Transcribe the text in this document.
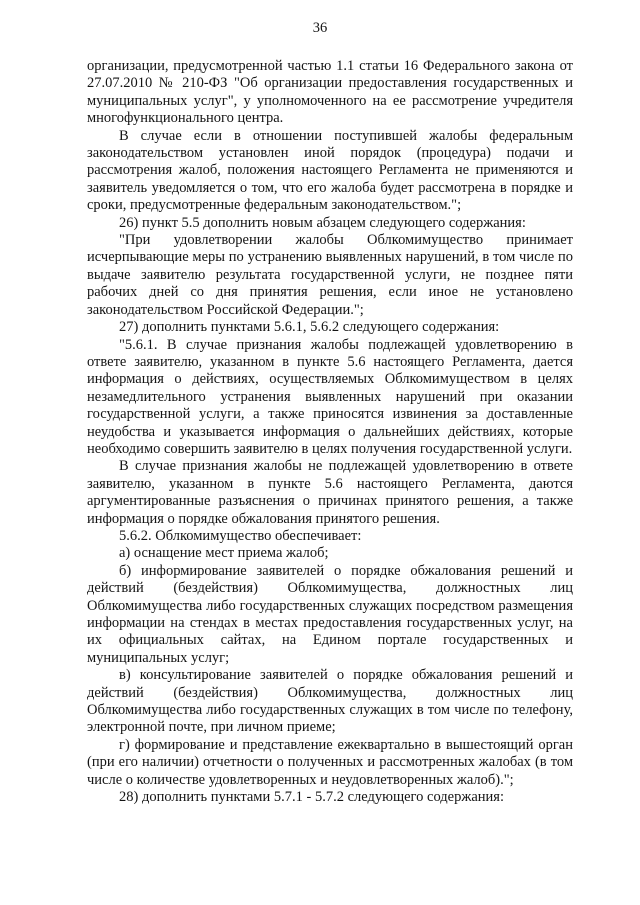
36

организации, предусмотренной частью 1.1 статьи 16 Федерального закона от 27.07.2010 № 210-ФЗ "Об организации предоставления государственных и муниципальных услуг", у уполномоченного на ее рассмотрение учредителя многофункционального центра.

В случае если в отношении поступившей жалобы федеральным законодательством установлен иной порядок (процедура) подачи и рассмотрения жалоб, положения настоящего Регламента не применяются и заявитель уведомляется о том, что его жалоба будет рассмотрена в порядке и сроки, предусмотренные федеральным законодательством.";

26) пункт 5.5 дополнить новым абзацем следующего содержания:

"При удовлетворении жалобы Облкомимущество принимает исчерпывающие меры по устранению выявленных нарушений, в том числе по выдаче заявителю результата государственной услуги, не позднее пяти рабочих дней со дня принятия решения, если иное не установлено законодательством Российской Федерации.";

27) дополнить пунктами 5.6.1, 5.6.2 следующего содержания:

"5.6.1. В случае признания жалобы подлежащей удовлетворению в ответе заявителю, указанном в пункте 5.6 настоящего Регламента, дается информация о действиях, осуществляемых Облкомимуществом в целях незамедлительного устранения выявленных нарушений при оказании государственной услуги, а также приносятся извинения за доставленные неудобства и указывается информация о дальнейших действиях, которые необходимо совершить заявителю в целях получения государственной услуги.

В случае признания жалобы не подлежащей удовлетворению в ответе заявителю, указанном в пункте 5.6 настоящего Регламента, даются аргументированные разъяснения о причинах принятого решения, а также информация о порядке обжалования принятого решения.

5.6.2. Облкомимущество обеспечивает:

а) оснащение мест приема жалоб;

б) информирование заявителей о порядке обжалования решений и действий (бездействия) Облкомимущества, должностных лиц Облкомимущества либо государственных служащих посредством размещения информации на стендах в местах предоставления государственных услуг, на их официальных сайтах, на Едином портале государственных и муниципальных услуг;

в) консультирование заявителей о порядке обжалования решений и действий (бездействия) Облкомимущества, должностных лиц Облкомимущества либо государственных служащих в том числе по телефону, электронной почте, при личном приеме;

г) формирование и представление ежеквартально в вышестоящий орган (при его наличии) отчетности о полученных и рассмотренных жалобах (в том числе о количестве удовлетворенных и неудовлетворенных жалоб).";

28) дополнить пунктами 5.7.1 - 5.7.2 следующего содержания:
